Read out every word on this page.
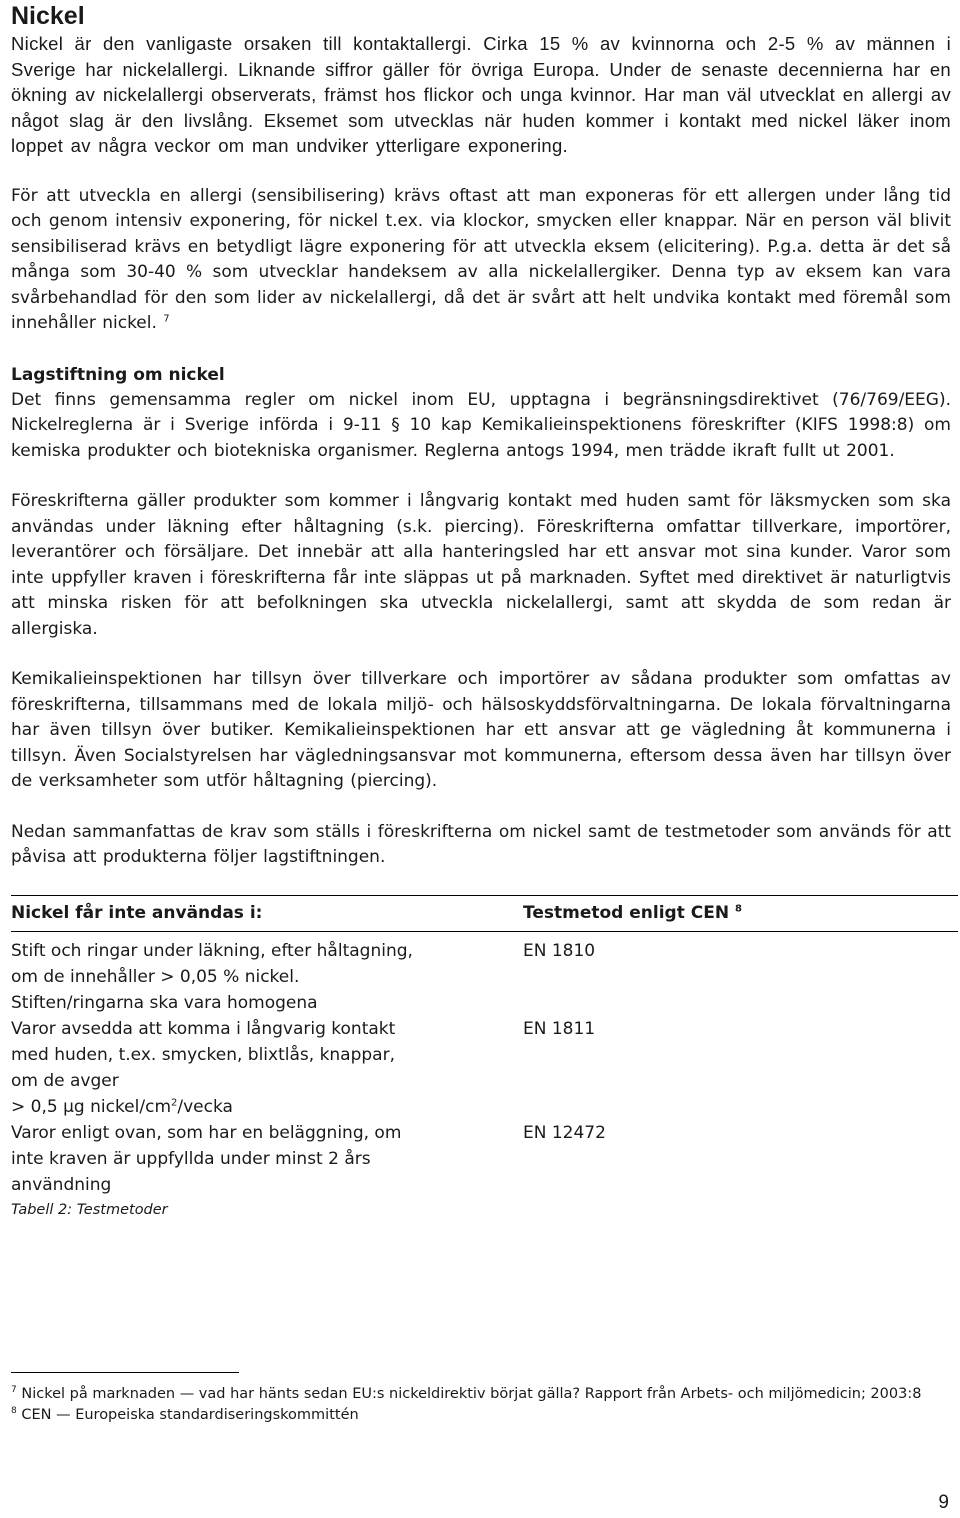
Nickel

Nickel är den vanligaste orsaken till kontaktallergi. Cirka 15 % av kvinnorna och 2-5 % av männen i Sverige har nickelallergi. Liknande siffror gäller för övriga Europa. Under de senaste decennierna har en ökning av nickelallergi observerats, främst hos flickor och unga kvinnor. Har man väl utvecklat en allergi av något slag är den livslång. Eksemet som utvecklas när huden kommer i kontakt med nickel läker inom loppet av några veckor om man undviker ytterligare exponering.

För att utveckla en allergi (sensibilisering) krävs oftast att man exponeras för ett allergen under lång tid och genom intensiv exponering, för nickel t.ex. via klockor, smycken eller knappar. När en person väl blivit sensibiliserad krävs en betydligt lägre exponering för att utveckla eksem (elicitering). P.g.a. detta är det så många som 30-40 % som utvecklar handeksem av alla nickelallergiker. Denna typ av eksem kan vara svårbehandlad för den som lider av nickelallergi, då det är svårt att helt undvika kontakt med föremål som innehåller nickel. $^7$

Lagstiftning om nickel

Det finns gemensamma regler om nickel inom EU, upptagna i begränsningsdirektivet (76/769/EEG). Nickelreglerna är i Sverige införda i 9-11 § 10 kap Kemikalieinspektionens föreskrifter (KIFS 1998:8) om kemiska produkter och biotekniska organismer. Reglerna antogs 1994, men trädde ikraft fullt ut 2001.

Föreskrifterna gäller produkter som kommer i långvarig kontakt med huden samt för läksmycken som ska användas under läkning efter håltagning (s.k. piercing). Föreskrifterna omfattar tillverkare, importörer, leverantörer och försäljare. Det innebär att alla hanteringsled har ett ansvar mot sina kunder. Varor som inte uppfyller kraven i föreskrifterna får inte släppas ut på marknaden. Syftet med direktivet är naturligtvis att minska risken för att befolkningen ska utveckla nickelallergi, samt att skydda de som redan är allergiska.

Kemikalieinspektionen har tillsyn över tillverkare och importörer av sådana produkter som omfattas av föreskrifterna, tillsammans med de lokala miljö- och hälsoskyddsförvaltningarna. De lokala förvaltningarna har även tillsyn över butiker. Kemikalieinspektionen har ett ansvar att ge vägledning åt kommunerna i tillsyn. Även Socialstyrelsen har vägledningsansvar mot kommunerna, eftersom dessa även har tillsyn över de verksamheter som utför håltagning (piercing).

Nedan sammanfattas de krav som ställs i föreskrifterna om nickel samt de testmetoder som används för att påvisa att produkterna följer lagstiftningen.

Nickel får inte användas i:	Testmetod enligt CEN $^8$
Stift och ringar under läkning, efter håltagning,
om de innehåller > 0,05 % nickel.
Stiften/ringarna ska vara homogena
EN 1810
Varor avsedda att komma i långvarig kontakt
med huden, t.ex. smycken, blixtlås, knappar,
om de avger
> 0,5 µg nickel/$cm^2$/vecka
EN 1811
Varor enligt ovan, som har en beläggning, om
inte kraven är uppfyllda under minst 2 års
användning
EN 12472
Tabell 2: Testmetoder
$^7$ Nickel på marknaden — vad har hänts sedan EU:s nickeldirektiv börjat gälla? Rapport från Arbets- och miljömedicin; 2003:8
$^8$ CEN — Europeiska standardiseringskommittén
9
